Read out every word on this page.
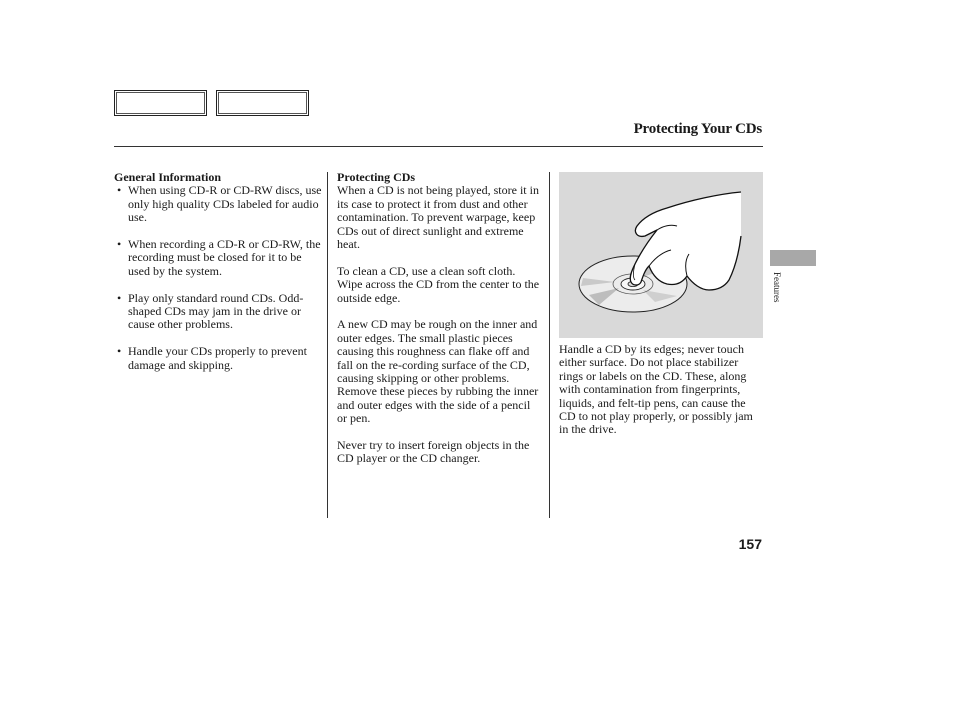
Protecting Your CDs

General Information

• When using CD-R or CD-RW discs, use only high quality CDs labeled for audio use.
• When recording a CD-R or CD-RW, the recording must be closed for it to be used by the system.
• Play only standard round CDs. Odd-shaped CDs may jam in the drive or cause other problems.
• Handle your CDs properly to prevent damage and skipping.

Protecting CDs

When a CD is not being played, store it in its case to protect it from dust and other contamination. To prevent warpage, keep CDs out of direct sunlight and extreme heat.

To clean a CD, use a clean soft cloth. Wipe across the CD from the center to the outside edge.

A new CD may be rough on the inner and outer edges. The small plastic pieces causing this roughness can flake off and fall on the re-cording surface of the CD, causing skipping or other problems. Remove these pieces by rubbing the inner and outer edges with the side of a pencil or pen.

Never try to insert foreign objects in the CD player or the CD changer.

Handle a CD by its edges; never touch either surface. Do not place stabilizer rings or labels on the CD. These, along with contamination from fingerprints, liquids, and felt-tip pens, can cause the CD to not play properly, or possibly jam in the drive.

Features
157
